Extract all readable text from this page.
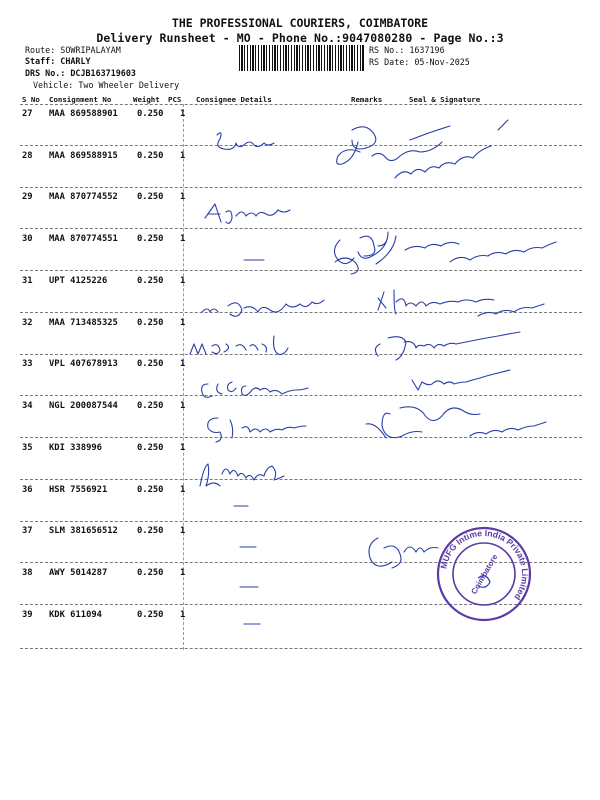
THE PROFESSIONAL COURIERS, COIMBATORE
Delivery Runsheet - MO - Phone No.:9047080280 - Page No.:3
Route: SOWRIPALAYAM
Staff: CHARLY
DRS No.: DCJB163719603
Vehicle: Two Wheeler Delivery
RS No.: 1637196
RS Date: 05-Nov-2025
S No Consignment No	Weight PCS Consignee Details	Remarks	Seal & Signature
27 MAA 869588901 0.250 1
28 MAA 869588915 0.250 1
29 MAA 870774552 0.250 1
30 MAA 870774551 0.250 1
31 UPT 4125226	0.250 1
32 MAA 713485325 0.250 1
33 VPL 407678913 0.250 1
34 NGL 200087544 0.250 1
35 KDI 338996	0.250 1
36 HSR 7556921	0.250 1
37 SLM 381656512 0.250 1
38 AWY 5014287	0.250 1
39 KDK 611094	0.250 1
MUFG Intime India Private Limited
Coimbatore
